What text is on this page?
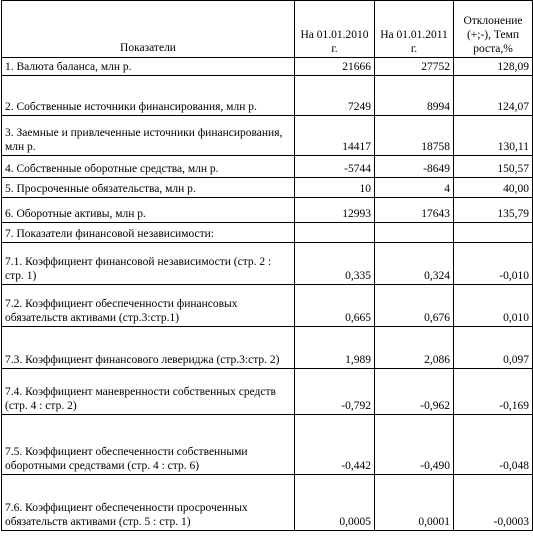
Показатели	На 01.01.2010 г.	На 01.01.2011 г.	Отклонение (+;-), Темп роста,%
1. Валюта баланса, млн р.	21666	27752	128,09
2. Собственные источники финансирования, млн р.	7249	8994	124,07
3. Заемные и привлеченные источники финансирования, млн р.	14417	18758	130,11
4. Собственные оборотные средства, млн р.	-5744	-8649	150,57
5. Просроченные обязательства, млн р.	10	4	40,00
6. Оборотные активы, млн р.	12993	17643	135,79
7. Показатели финансовой независимости:			
7.1. Коэффициент финансовой независимости (стр. 2 : стр. 1)	0,335	0,324	-0,010
7.2. Коэффициент обеспеченности финансовых обязательств активами (стр.3:стр.1)	0,665	0,676	0,010
7.3. Коэффициент финансового левериджа (стр.3:стр. 2)	1,989	2,086	0,097
7.4. Коэффициент маневренности собственных средств (стр. 4 : стр. 2)	-0,792	-0,962	-0,169
7.5. Коэффициент обеспеченности собственными оборотными средствами (стр. 4 : стр. 6)	-0,442	-0,490	-0,048
7.6. Коэффициент обеспеченности просроченных обязательств активами (стр. 5 : стр. 1)	0,0005	0,0001	-0,0003
